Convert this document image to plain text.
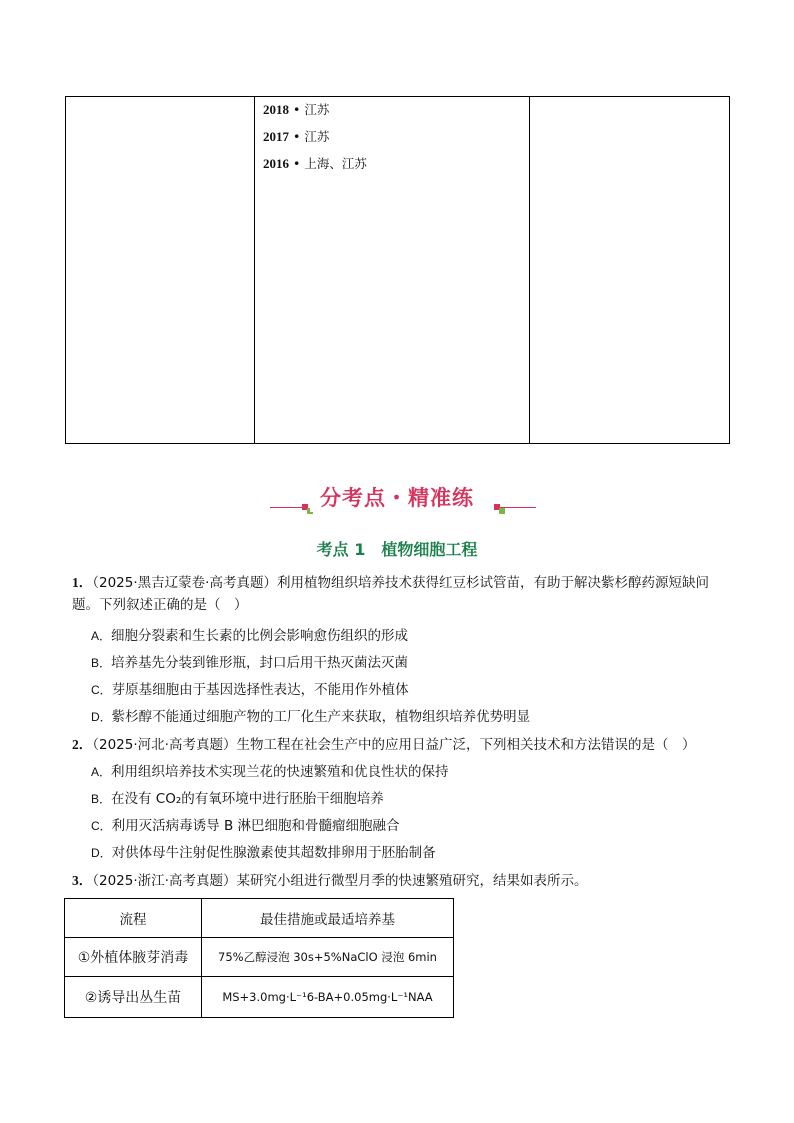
2018 • 江苏
2017 • 江苏
2016 • 上海、江苏

分考点・精准练
考点 1　植物细胞工程
1．（2025·黑吉辽蒙卷·高考真题）利用植物组织培养技术获得红豆杉试管苗，有助于解决紫杉醇药源短缺问题。下列叙述正确的是（　）
A．细胞分裂素和生长素的比例会影响愈伤组织的形成
B．培养基先分装到锥形瓶，封口后用干热灭菌法灭菌
C．芽原基细胞由于基因选择性表达，不能用作外植体
D．紫杉醇不能通过细胞产物的工厂化生产来获取，植物组织培养优势明显
2．（2025·河北·高考真题）生物工程在社会生产中的应用日益广泛，下列相关技术和方法错误的是（　）
A．利用组织培养技术实现兰花的快速繁殖和优良性状的保持
B．在没有 CO₂的有氧环境中进行胚胎干细胞培养
C．利用灭活病毒诱导 B 淋巴细胞和骨髓瘤细胞融合
D．对供体母牛注射促性腺激素使其超数排卵用于胚胎制备
3．（2025·浙江·高考真题）某研究小组进行微型月季的快速繁殖研究，结果如表所示。
流程	最佳措施或最适培养基
①外植体腋芽消毒	75%乙醇浸泡 30s+5%NaClO 浸泡 6min
②诱导出丛生苗	MS+3.0mg·L⁻¹6-BA+0.05mg·L⁻¹NAA
